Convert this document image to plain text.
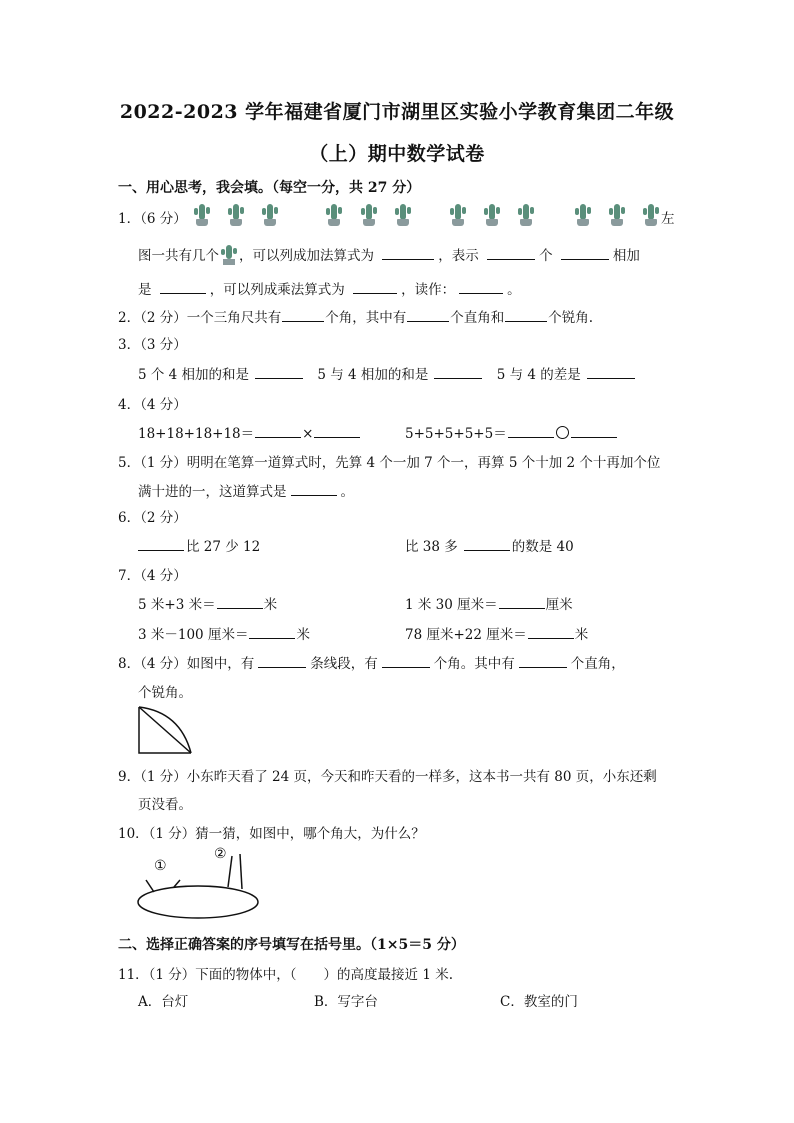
2022-2023 学年福建省厦门市湖里区实验小学教育集团二年级
（上）期中数学试卷
一、用心思考，我会填。（每空一分，共 27 分）
1．（6 分）	左
图一共有几个 ，可以列成加法算式为	，表示	个	相加
是	，可以列成乘法算式为	，读作：	。
2．（2 分）一个三角尺共有	个角，其中有	个直角和	个锐角.
3．（3 分）
5 个 4 相加的和是	5 与 4 相加的和是	5 与 4 的差是
4．（4 分）
18+18+18+18＝	×	5+5+5+5+5＝
5．（1 分）明明在笔算一道算式时，先算 4 个一加 7 个一，再算 5 个十加 2 个十再加个位
满十进的一，这道算式是	。
6．（2 分）
比 27 少 12	比 38 多	的数是 40
7．（4 分）
5 米+3 米＝	米	1 米 30 厘米＝	厘米
3 米－100 厘米＝	米	78 厘米+22 厘米＝	米
8．（4 分）如图中，有	条线段，有	个角。其中有	个直角，
个锐角。
9．（1 分）小东昨天看了 24 页，今天和昨天看的一样多，这本书一共有 80 页，小东还剩
页没看。
10．（1 分）猜一猜，如图中，哪个角大，为什么？
①
②
二、选择正确答案的序号填写在括号里。（1×5＝5 分）
11．（1 分）下面的物体中，（　　）的高度最接近 1 米.
A．台灯	B．写字台	C．教室的门
